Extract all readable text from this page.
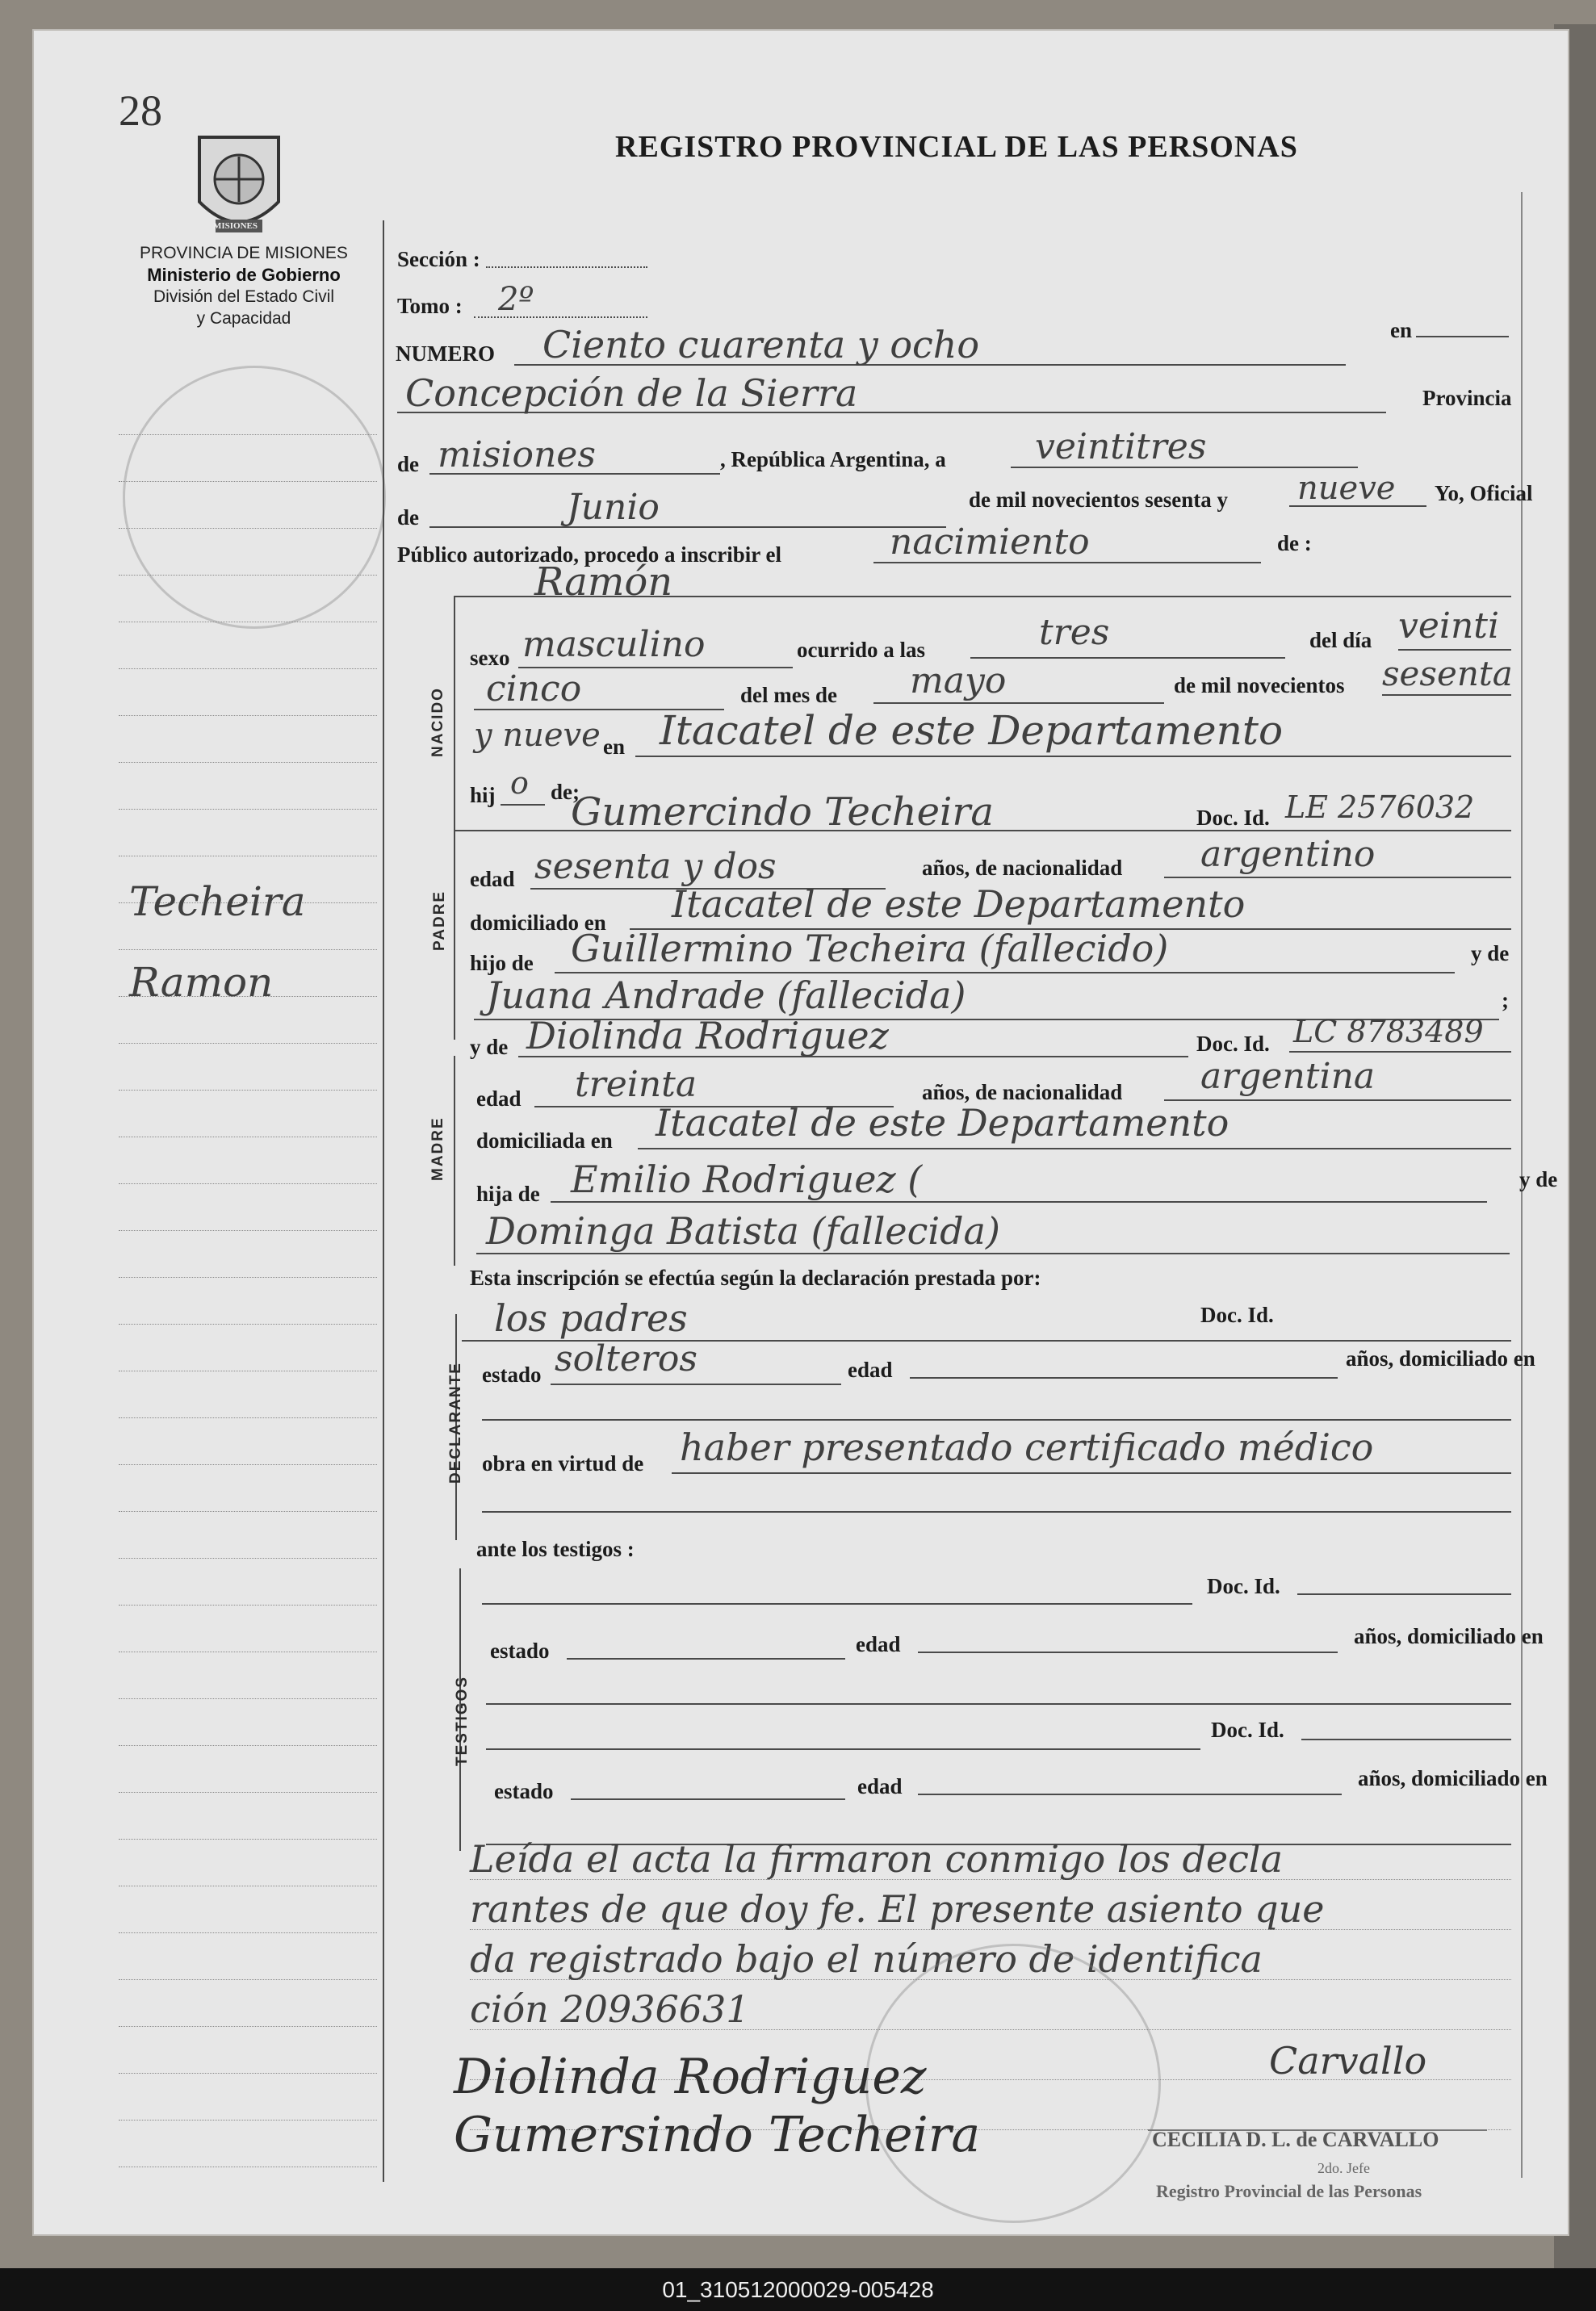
28
MISIONES
PROVINCIA DE MISIONES
Ministerio de Gobierno
División del Estado Civil
y Capacidad
REGISTRO PROVINCIAL DE LAS PERSONAS
Techeira
Ramon
Sección :
Tomo : 2º
NUMERO Ciento cuarenta y ocho	en
Concepción de la Sierra	Provincia
de misiones	, República Argentina, a	veintitres
de	Junio	de mil novecientos sesenta y nueve Yo, Oficial
Público autorizado, procedo a inscribir el	nacimiento	de :
Ramón
NACIDO
sexo masculino	ocurrido a las	tres	del día veinti
cinco	del mes de mayo	de mil novecientos sesenta
y nueve en Itacatel de este Departamento
hij o de;
Gumercindo Techeira	Doc. Id. LE 2576032
PADRE
edad sesenta y dos	años, de nacionalidad argentino
domiciliado en Itacatel de este Departamento
hijo de Guillermino Techeira (fallecido)	y de
Juana Andrade (fallecida)	;
y de Diolinda Rodriguez	Doc. Id. LC 8783489
MADRE
edad treinta	años, de nacionalidad argentina
domiciliada en Itacatel de este Departamento
hija de Emilio Rodriguez (	y de
Dominga Batista (fallecida)
Esta inscripción se efectúa según la declaración prestada por:
los padres	Doc. Id.
DECLARANTE estado solteros	edad	años, domiciliado en
obra en virtud de haber presentado certificado médico
ante los testigos :
TESTIGOS
Doc. Id.
estado	edad	años, domiciliado en
Doc. Id.
estado	edad	años, domiciliado en
Leída el acta la firmaron conmigo los decla
rantes de que doy fe. El presente asiento que
da registrado bajo el número de identifica
ción 20936631
Diolinda Rodriguez
Gumersindo Techeira
Carvallo
CECILIA D. L. de CARVALLO
2do. Jefe
Registro Provincial de las Personas
01_310512000029-005428
